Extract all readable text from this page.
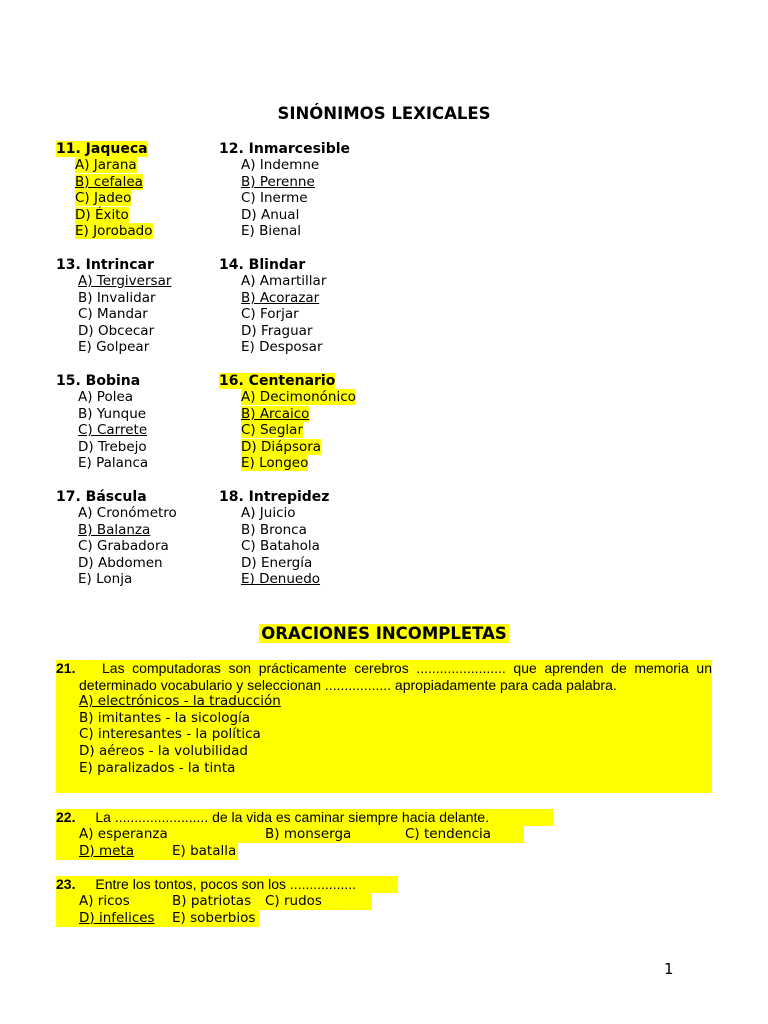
SINÓNIMOS LEXICALES
11. Jaqueca
A) Jarana
B) cefalea
C) Jadeo
D) Éxito
E) Jorobado
12. Inmarcesible
A) Indemne
B) Perenne
C) Inerme
D) Anual
E) Bienal
13. Intrincar
A) Tergiversar
B) Invalidar
C) Mandar
D) Obcecar
E) Golpear
14. Blindar
A) Amartillar
B) Acorazar
C) Forjar
D) Fraguar
E) Desposar
15. Bobina
A) Polea
B) Yunque
C) Carrete
D) Trebejo
E) Palanca
16. Centenario
A) Decimonónico
B) Arcaico
C) Seglar
D) Diápsora
E) Longeo
17. Báscula
A) Cronómetro
B) Balanza
C) Grabadora
D) Abdomen
E) Lonja
18. Intrepidez
A) Juicio
B) Bronca
C) Batahola
D) Energía
E) Denuedo
ORACIONES INCOMPLETAS
21.	Las computadoras son prácticamente cerebros ....................... que aprenden de memoria un determinado vocabulario y seleccionan ................. apropiadamente para cada palabra.
A) electrónicos - la traducción
B) imitantes - la sicología
C) interesantes - la política
D) aéreos - la volubilidad
E) paralizados - la tinta
22. La ........................ de la vida es caminar siempre hacia delante.
A) esperanza	B) monserga	C) tendencia
D) meta	E) batalla
23. Entre los tontos, pocos son los .................
A) ricos	B) patriotas C) rudos
D) infelices E) soberbios
1
